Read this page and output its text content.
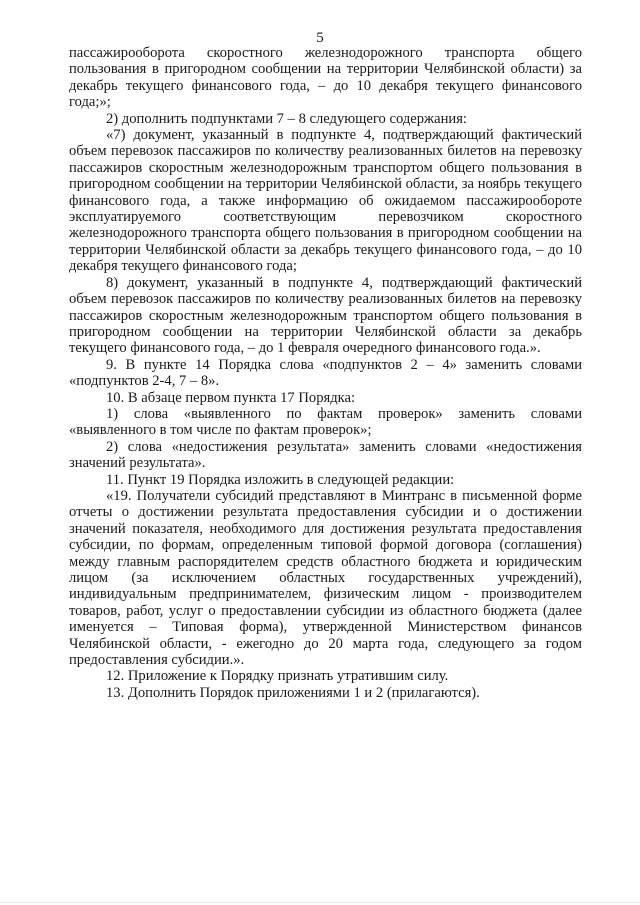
5

пассажирооборота скоростного железнодорожного транспорта общего пользования в пригородном сообщении на территории Челябинской области) за декабрь текущего финансового года, – до 10 декабря текущего финансового года;»;

2) дополнить подпунктами 7 – 8 следующего содержания:

«7) документ, указанный в подпункте 4, подтверждающий фактический объем перевозок пассажиров по количеству реализованных билетов на перевозку пассажиров скоростным железнодорожным транспортом общего пользования в пригородном сообщении на территории Челябинской области, за ноябрь текущего финансового года, а также информацию об ожидаемом пассажирообороте эксплуатируемого соответствующим перевозчиком скоростного железнодорожного транспорта общего пользования в пригородном сообщении на территории Челябинской области за декабрь текущего финансового года, – до 10 декабря текущего финансового года;

8) документ, указанный в подпункте 4, подтверждающий фактический объем перевозок пассажиров по количеству реализованных билетов на перевозку пассажиров скоростным железнодорожным транспортом общего пользования в пригородном сообщении на территории Челябинской области за декабрь текущего финансового года, – до 1 февраля очередного финансового года.».

9. В пункте 14 Порядка слова «подпунктов 2 – 4» заменить словами «подпунктов 2-4, 7 – 8».

10. В абзаце первом пункта 17 Порядка:

1) слова «выявленного по фактам проверок» заменить словами «выявленного в том числе по фактам проверок»;

2) слова «недостижения результата» заменить словами «недостижения значений результата».

11. Пункт 19 Порядка изложить в следующей редакции:

«19. Получатели субсидий представляют в Минтранс в письменной форме отчеты о достижении результата предоставления субсидии и о достижении значений показателя, необходимого для достижения результата предоставления субсидии, по формам, определенным типовой формой договора (соглашения) между главным распорядителем средств областного бюджета и юридическим лицом (за исключением областных государственных учреждений), индивидуальным предпринимателем, физическим лицом - производителем товаров, работ, услуг о предоставлении субсидии из областного бюджета (далее именуется – Типовая форма), утвержденной Министерством финансов Челябинской области, - ежегодно до 20 марта года, следующего за годом предоставления субсидии.».

12. Приложение к Порядку признать утратившим силу.

13. Дополнить Порядок приложениями 1 и 2 (прилагаются).
